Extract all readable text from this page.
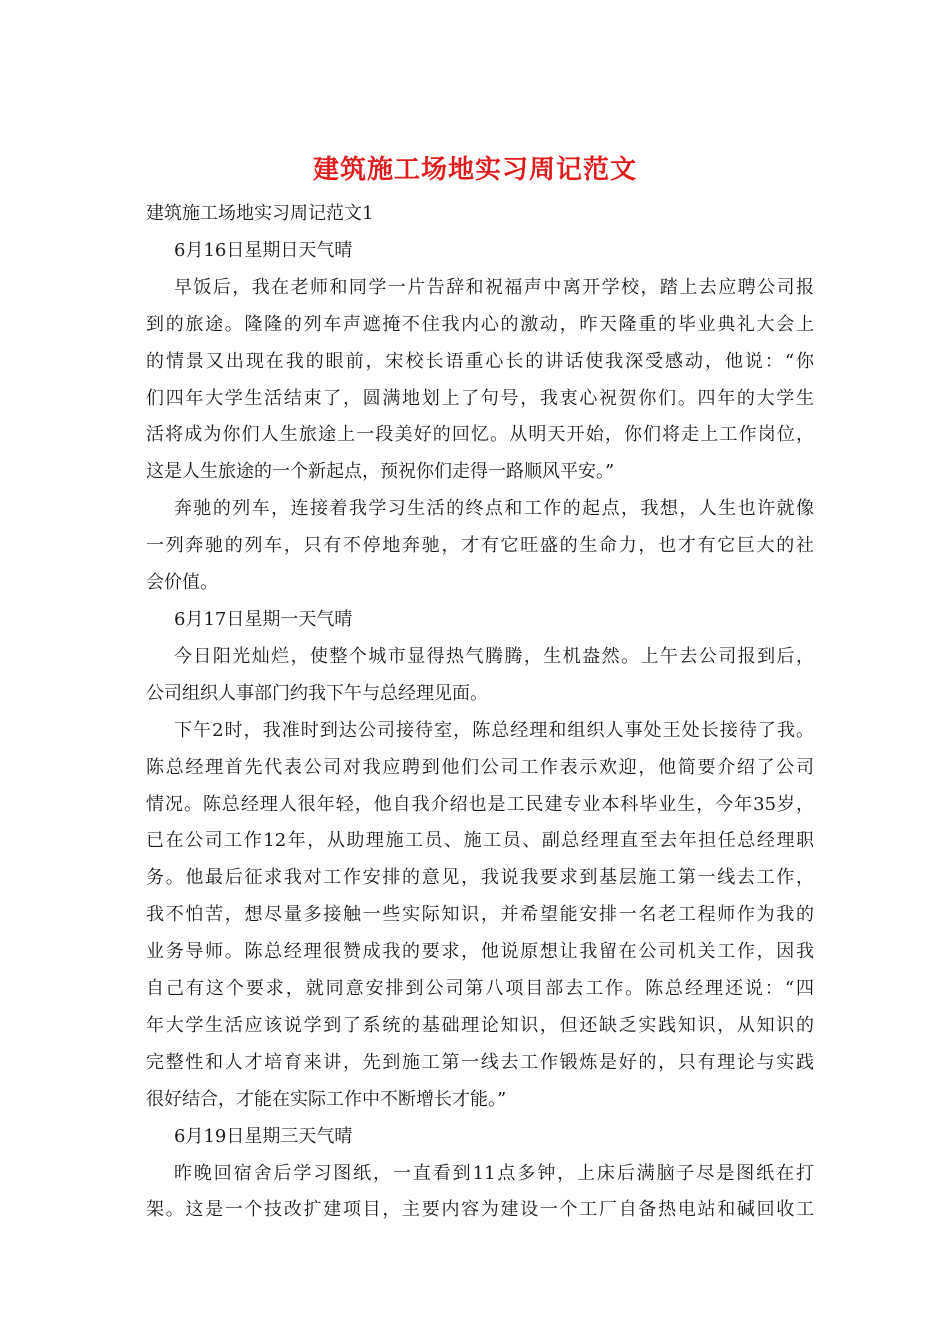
建筑施工场地实习周记范文
建筑施工场地实习周记范文1
6月16日星期日天气晴
早饭后，我在老师和同学一片告辞和祝福声中离开学校，踏上去应聘公司报
到的旅途。隆隆的列车声遮掩不住我内心的激动，昨天隆重的毕业典礼大会上
的情景又出现在我的眼前，宋校长语重心长的讲话使我深受感动，他说：“你
们四年大学生活结束了，圆满地划上了句号，我衷心祝贺你们。四年的大学生
活将成为你们人生旅途上一段美好的回忆。从明天开始，你们将走上工作岗位，
这是人生旅途的一个新起点，预祝你们走得一路顺风平安。”
奔驰的列车，连接着我学习生活的终点和工作的起点，我想，人生也许就像
一列奔驰的列车，只有不停地奔驰，才有它旺盛的生命力，也才有它巨大的社
会价值。
6月17日星期一天气晴
今日阳光灿烂，使整个城市显得热气腾腾，生机盎然。上午去公司报到后，
公司组织人事部门约我下午与总经理见面。
下午2时，我准时到达公司接待室，陈总经理和组织人事处王处长接待了我。
陈总经理首先代表公司对我应聘到他们公司工作表示欢迎，他简要介绍了公司
情况。陈总经理人很年轻，他自我介绍也是工民建专业本科毕业生，今年35岁，
已在公司工作12年，从助理施工员、施工员、副总经理直至去年担任总经理职
务。他最后征求我对工作安排的意见，我说我要求到基层施工第一线去工作，
我不怕苦，想尽量多接触一些实际知识，并希望能安排一名老工程师作为我的
业务导师。陈总经理很赞成我的要求，他说原想让我留在公司机关工作，因我
自己有这个要求，就同意安排到公司第八项目部去工作。陈总经理还说：“四
年大学生活应该说学到了系统的基础理论知识，但还缺乏实践知识，从知识的
完整性和人才培育来讲，先到施工第一线去工作锻炼是好的，只有理论与实践
很好结合，才能在实际工作中不断增长才能。”
6月19日星期三天气晴
昨晚回宿舍后学习图纸，一直看到11点多钟，上床后满脑子尽是图纸在打
架。这是一个技改扩建项目，主要内容为建设一个工厂自备热电站和碱回收工
